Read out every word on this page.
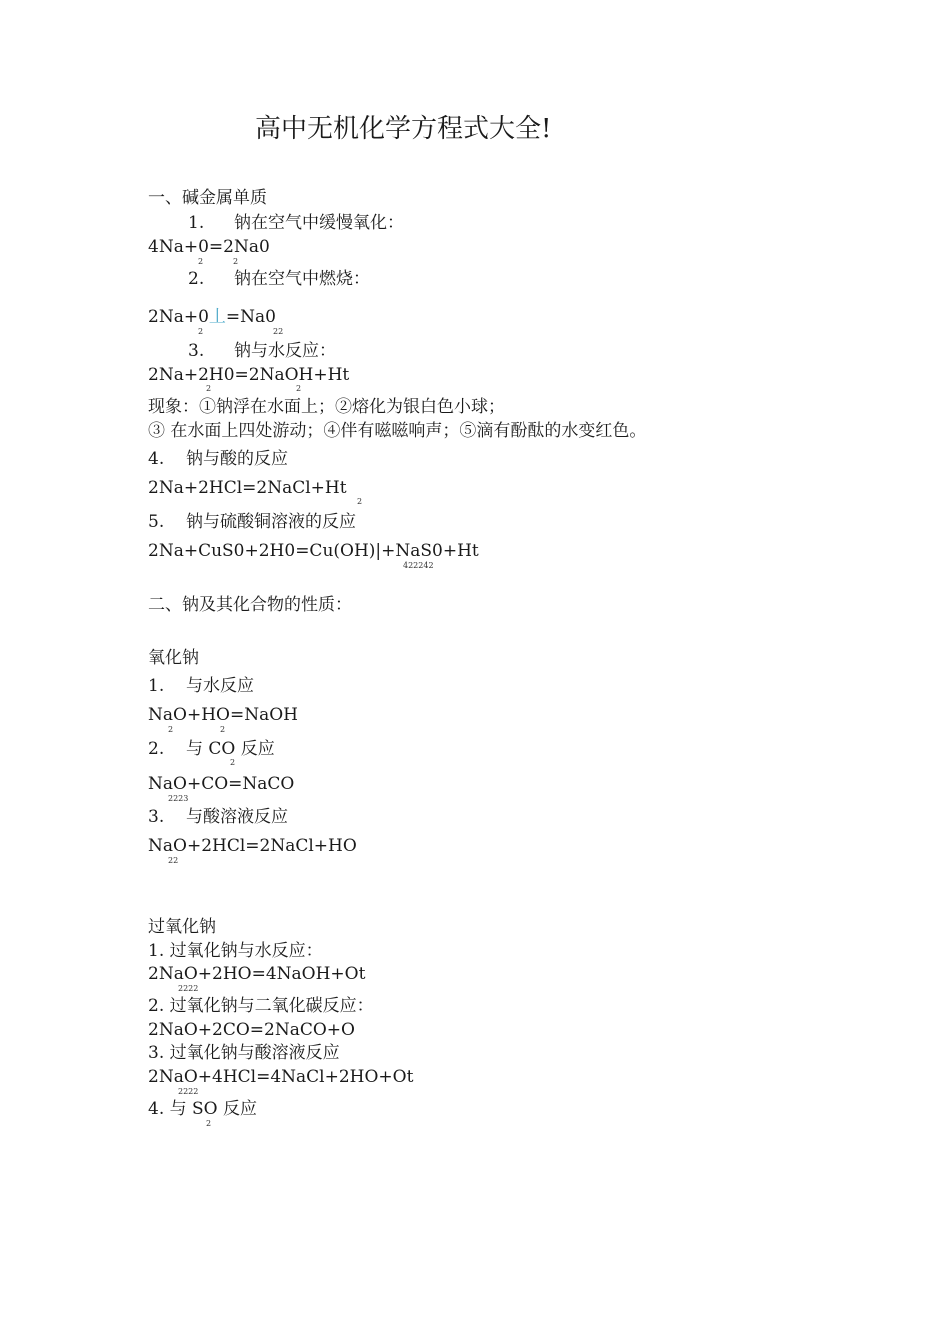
高中无机化学方程式大全!
一、碱金属单质
1. 钠在空气中缓慢氧化：
4Na+0=2Na0
2	2
2. 钠在空气中燃烧：
2Na+0丄=Na0
2	22
3. 钠与水反应：
2Na+2H0=2NaOH+Ht
2	2
现象：①钠浮在水面上；②熔化为银白色小球；
③ 在水面上四处游动；④伴有嗞嗞响声；⑤滴有酚酞的水变红色。
4. 钠与酸的反应
2Na+2HCl=2NaCl+Ht
2
5. 钠与硫酸铜溶液的反应
2Na+CuS0+2H0=Cu(OH)|+NaS0+Ht
422242
二、钠及其化合物的性质：
氧化钠
1. 与水反应
NaO+HO=NaOH
2	2
2. 与 CO 反应
2
NaO+CO=NaCO
2223
3. 与酸溶液反应
NaO+2HCl=2NaCl+HO
22
过氧化钠
1. 过氧化钠与水反应：
2NaO+2HO=4NaOH+Ot
2222
2. 过氧化钠与二氧化碳反应：
2NaO+2CO=2NaCO+O
3. 过氧化钠与酸溶液反应
2NaO+4HCl=4NaCl+2HO+Ot
2222
4. 与 SO 反应
2
